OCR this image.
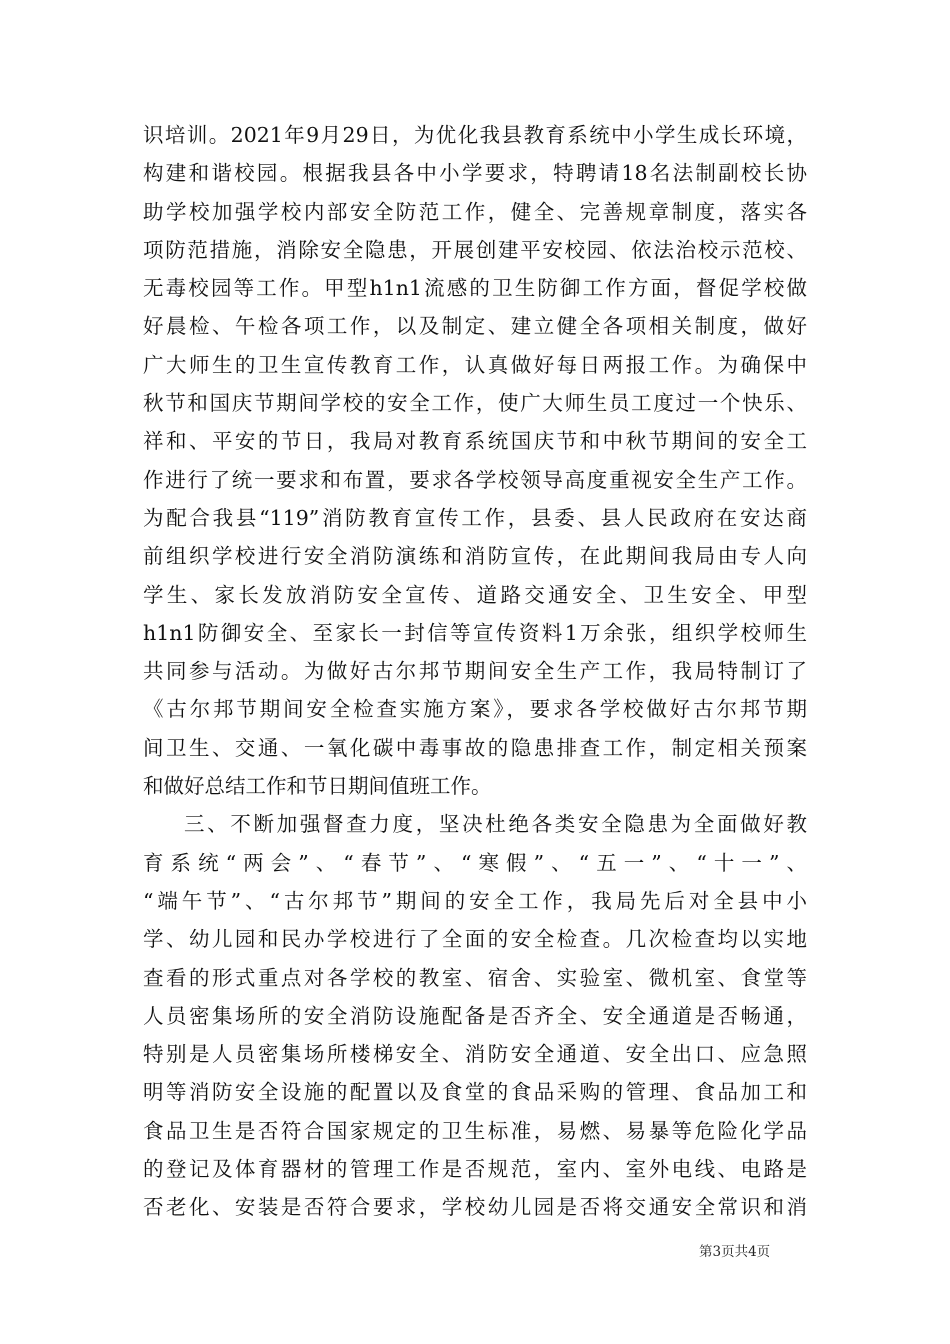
识培训。2021年9月29日，为优化我县教育系统中小学生成长环境，
构建和谐校园。根据我县各中小学要求，特聘请18名法制副校长协
助学校加强学校内部安全防范工作，健全、完善规章制度，落实各
项防范措施，消除安全隐患，开展创建平安校园、依法治校示范校、
无毒校园等工作。甲型h1n1流感的卫生防御工作方面，督促学校做
好晨检、午检各项工作，以及制定、建立健全各项相关制度，做好
广大师生的卫生宣传教育工作，认真做好每日两报工作。为确保中
秋节和国庆节期间学校的安全工作，使广大师生员工度过一个快乐、
祥和、平安的节日，我局对教育系统国庆节和中秋节期间的安全工
作进行了统一要求和布置，要求各学校领导高度重视安全生产工作。
为配合我县“119”消防教育宣传工作，县委、县人民政府在安达商
前组织学校进行安全消防演练和消防宣传，在此期间我局由专人向
学生、家长发放消防安全宣传、道路交通安全、卫生安全、甲型
h1n1防御安全、至家长一封信等宣传资料1万余张，组织学校师生
共同参与活动。为做好古尔邦节期间安全生产工作，我局特制订了
《古尔邦节期间安全检查实施方案》，要求各学校做好古尔邦节期
间卫生、交通、一氧化碳中毒事故的隐患排查工作，制定相关预案
和做好总结工作和节日期间值班工作。
三、不断加强督查力度，坚决杜绝各类安全隐患为全面做好教
育系统“两会”、“春节”、“寒假”、“五一”、“十一”、
“端午节”、“古尔邦节”期间的安全工作，我局先后对全县中小
学、幼儿园和民办学校进行了全面的安全检查。几次检查均以实地
查看的形式重点对各学校的教室、宿舍、实验室、微机室、食堂等
人员密集场所的安全消防设施配备是否齐全、安全通道是否畅通，
特别是人员密集场所楼梯安全、消防安全通道、安全出口、应急照
明等消防安全设施的配置以及食堂的食品采购的管理、食品加工和
食品卫生是否符合国家规定的卫生标准，易燃、易暴等危险化学品
的登记及体育器材的管理工作是否规范，室内、室外电线、电路是
否老化、安装是否符合要求，学校幼儿园是否将交通安全常识和消
第3页共4页
